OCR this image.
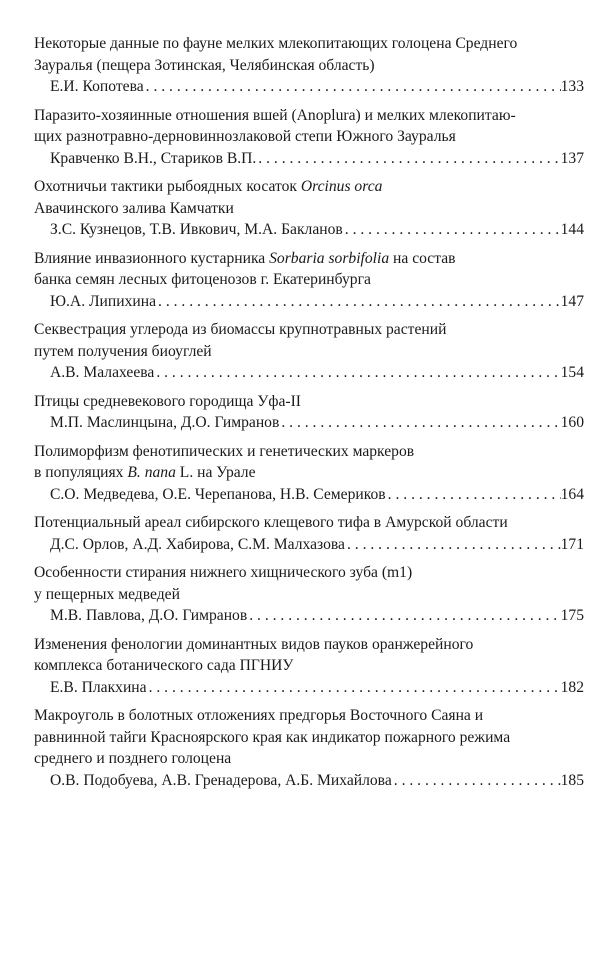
Некоторые данные по фауне мелких млекопитающих голоцена Среднего
Зауралья (пещера Зотинская, Челябинская область)
Е.И. Копотева . . .	133
Паразито-хозяинные отношения вшей (Anoplura) и мелких млекопитаю-
щих разнотравно-дерновиннозлаковой степи Южного Зауралья
Кравченко В.Н., Стариков В.П. . . .	137
Охотничьи тактики рыбоядных косаток Orcinus orca
Авачинского залива Камчатки
З.С. Кузнецов, Т.В. Ивкович, М.А. Бакланов . . .	144
Влияние инвазионного кустарника Sorbaria sorbifolia на состав
банка семян лесных фитоценозов г. Екатеринбурга
Ю.А. Липихина . . .	147
Секвестрация углерода из биомассы крупнотравных растений
путем получения биоуглей
А.В. Малахеева . . .	154
Птицы средневекового городища Уфа-II
М.П. Маслинцына, Д.О. Гимранов . . .	160
Полиморфизм фенотипических и генетических маркеров
в популяциях B. nana L. на Урале
С.О. Медведева, О.Е. Черепанова, Н.В. Семериков . . .	164
Потенциальный ареал сибирского клещевого тифа в Амурской области
Д.С. Орлов, А.Д. Хабирова, С.М. Малхазова . . .	171
Особенности стирания нижнего хищнического зуба (m1)
у пещерных медведей
М.В. Павлова, Д.О. Гимранов . . .	175
Изменения фенологии доминантных видов пауков оранжерейного
комплекса ботанического сада ПГНИУ
Е.В. Плакхина . . .	182
Макроуголь в болотных отложениях предгорья Восточного Саяна и
равнинной тайги Красноярского края как индикатор пожарного режима
среднего и позднего голоцена
О.В. Подобуева, А.В. Гренадерова, А.Б. Михайлова . . .	185
